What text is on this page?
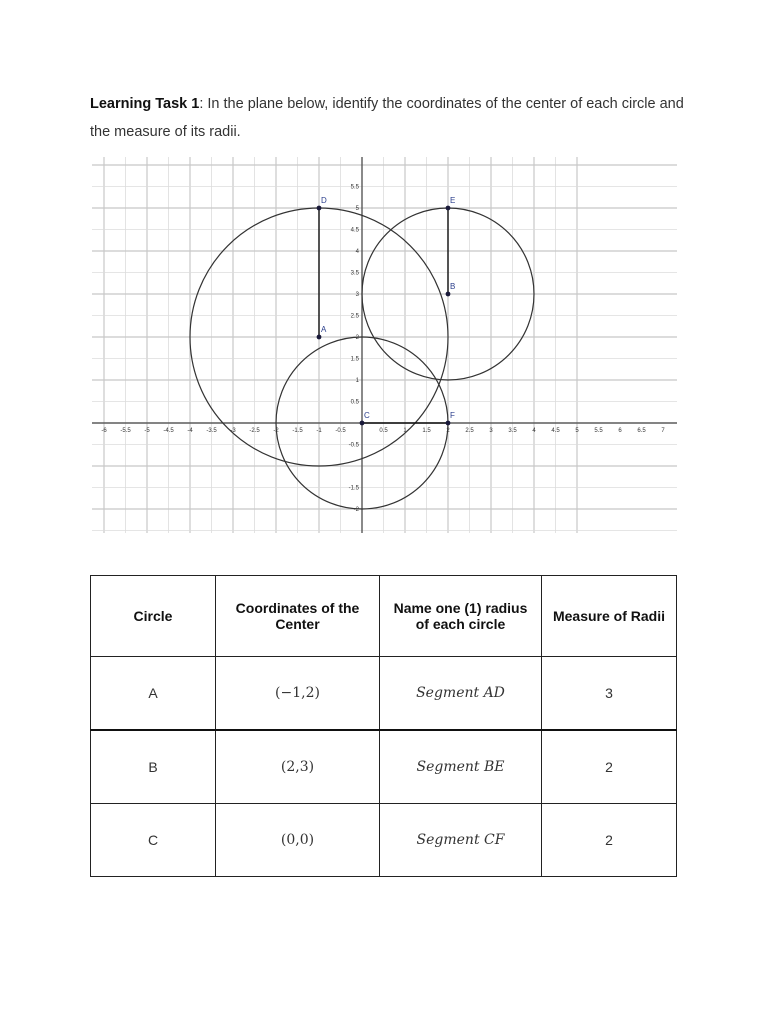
Learning Task 1: In the plane below, identify the coordinates of the center of each circle and the measure of its radii.
-6 -5.5 -5 -4.5 -4 -3.5 -3 -2.5 -2 -1.5 -1 -0.5	0.5	1	1.5	2	2.5	3	3.5	4	4.5	5	5.5	6	6.5	7
-2
-1.5
-0.5
0.5
1
1.5
2
2.5
3
3.5
4
4.5
5
5.5
A
B
C
D	E
F
Circle	Coordinates of the Center	Name one (1) radius of each circle	Measure of Radii
A	(−1,2)	Segment AD	3
B	(2,3)	Segment BE	2
C	(0,0)	Segment CF	2
